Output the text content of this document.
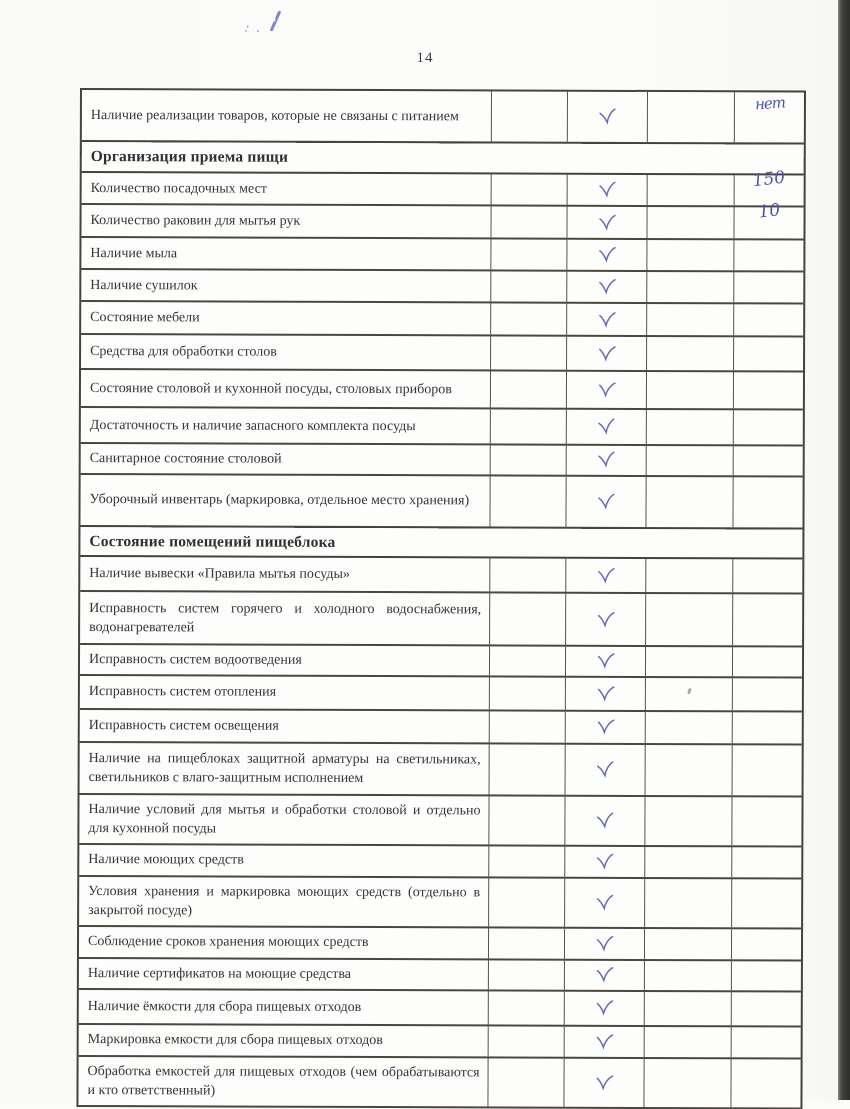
14
: ·
Наличие реализации товаров, которые не связаны с питанием
нет
Организация приема пищи
Количество посадочных мест	150
Количество раковин для мытья рук	10
Наличие мыла
Наличие сушилок
Состояние мебели
Средства для обработки столов
Состояние столовой и кухонной посуды, столовых приборов
Достаточность и наличие запасного комплекта посуды
Санитарное состояние столовой
Уборочный инвентарь (маркировка, отдельное место хранения)
Состояние помещений пищеблока
Наличие вывески «Правила мытья посуды»
Исправность систем горячего и холодного водоснабжения, водонагревателей
Исправность систем водоотведения
Исправность систем отопления
Исправность систем освещения
Наличие на пищеблоках защитной арматуры на светильниках, светильников с влаго-защитным исполнением
Наличие условий для мытья и обработки столовой и отдельно для кухонной посуды
Наличие моющих средств
Условия хранения и маркировка моющих средств (отдельно в закрытой посуде)
Соблюдение сроков хранения моющих средств
Наличие сертификатов на моющие средства
Наличие ёмкости для сбора пищевых отходов
Маркировка емкости для сбора пищевых отходов
Обработка емкостей для пищевых отходов (чем обрабатываются и кто ответственный)
